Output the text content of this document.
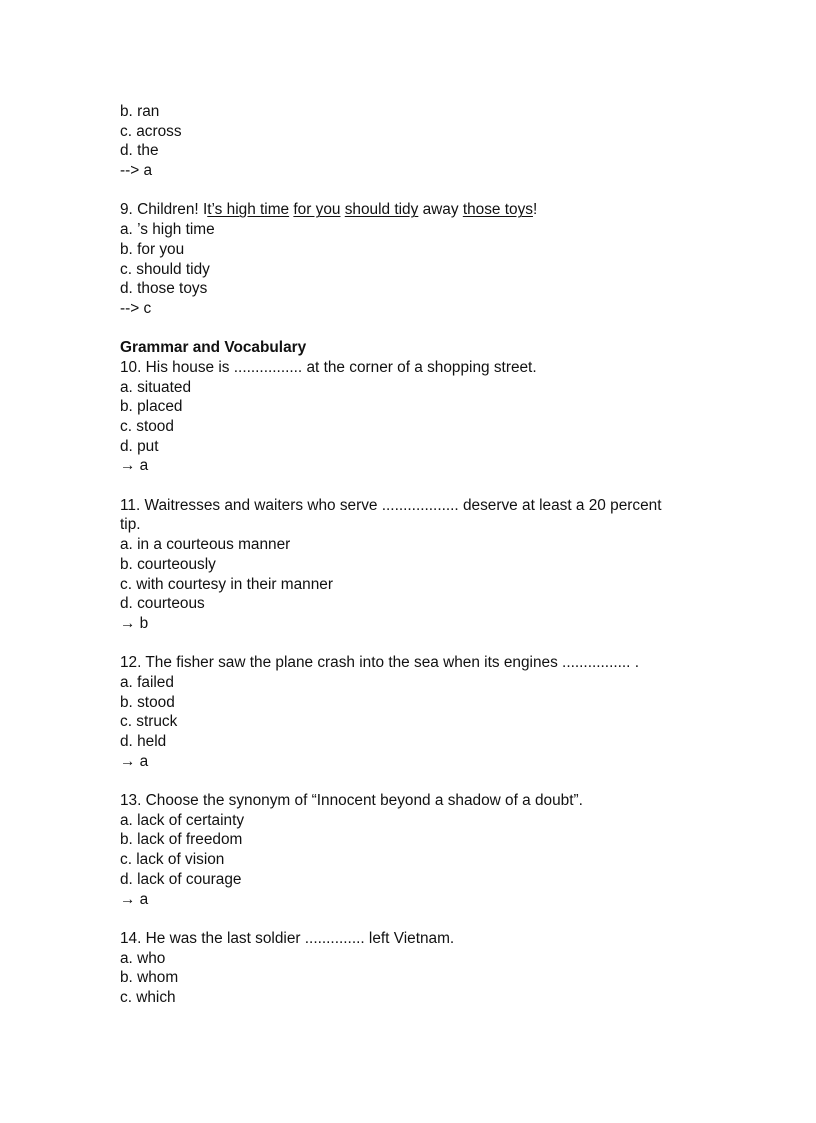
b. ran
c. across
d. the
--> a
9. Children! It’s high time for you should tidy away those toys!
a. ’s high time
b. for you
c. should tidy
d. those toys
--> c
Grammar and Vocabulary
10. His house is ................ at the corner of a shopping street.
a. situated
b. placed
c. stood
d. put
→ a
11. Waitresses and waiters who serve .................. deserve at least a 20 percent
tip.
a. in a courteous manner
b. courteously
c. with courtesy in their manner
d. courteous
→ b
12. The fisher saw the plane crash into the sea when its engines ................ .
a. failed
b. stood
c. struck
d. held
→ a
13. Choose the synonym of “Innocent beyond a shadow of a doubt”.
a. lack of certainty
b. lack of freedom
c. lack of vision
d. lack of courage
→ a
14. He was the last soldier .............. left Vietnam.
a. who
b. whom
c. which
